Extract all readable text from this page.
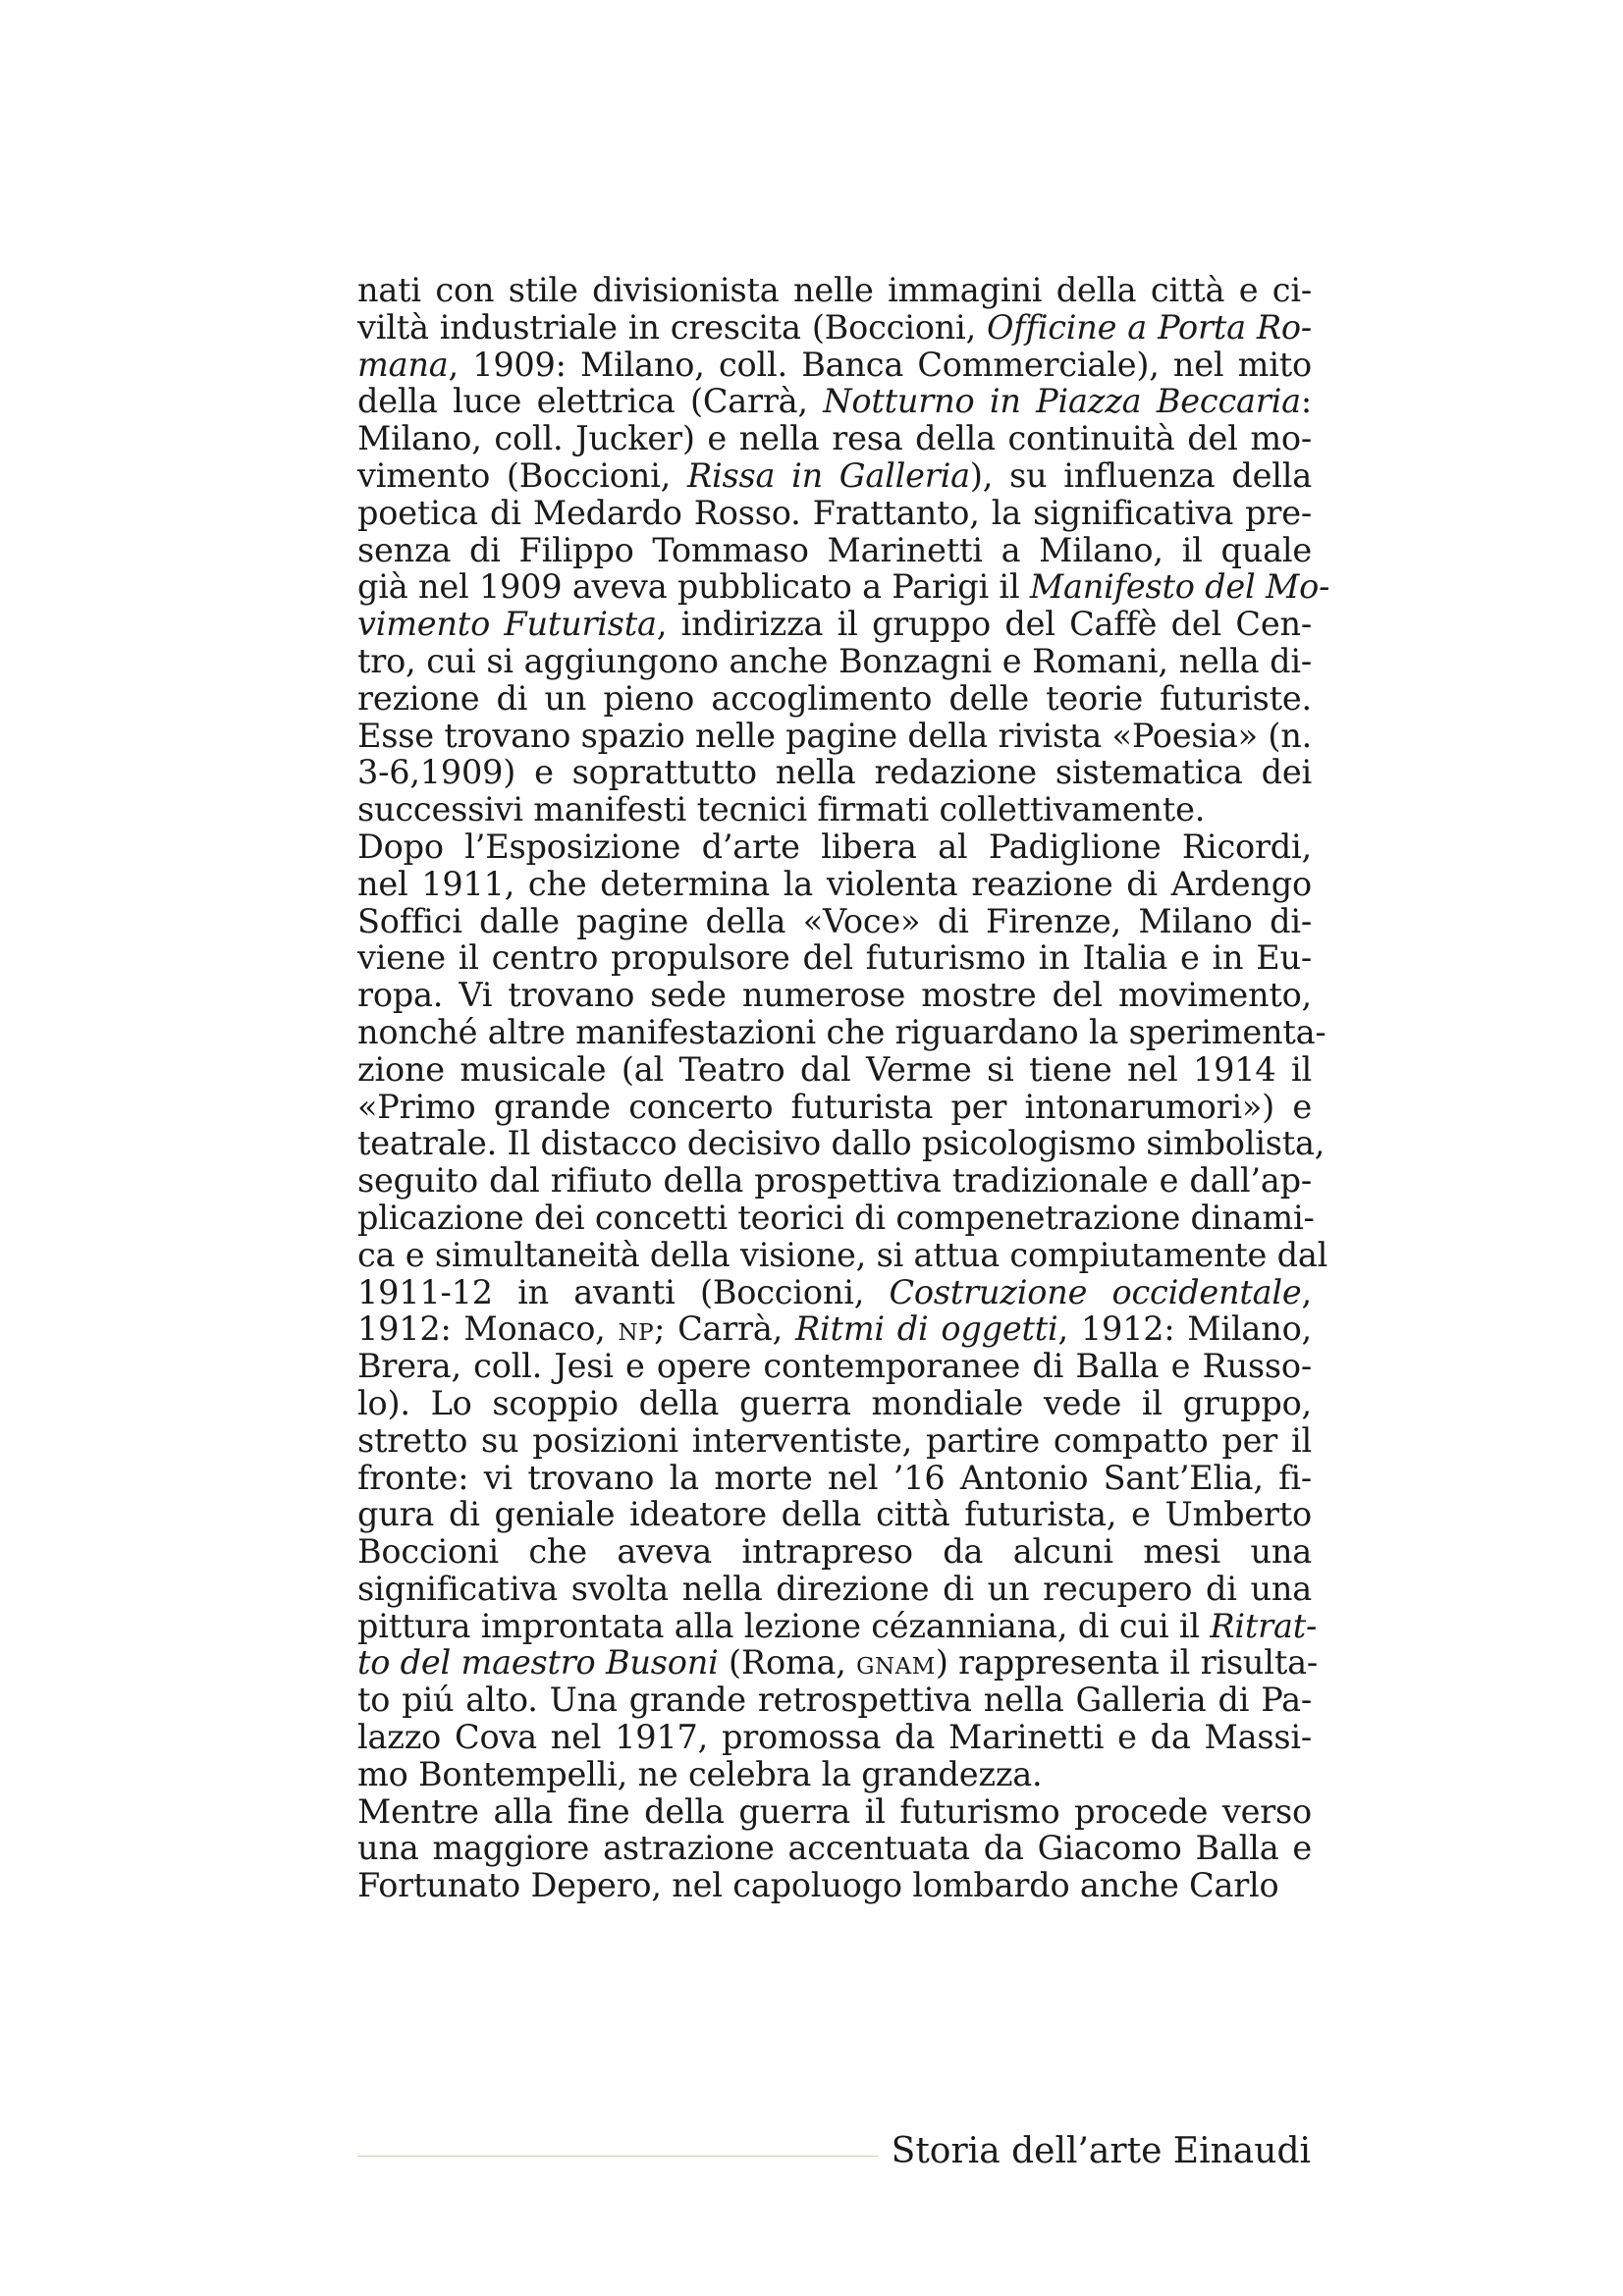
nati con stile divisionista nelle immagini della città e ci-
viltà industriale in crescita (Boccioni, Officine a Porta Ro-
mana, 1909: Milano, coll. Banca Commerciale), nel mito
della luce elettrica (Carrà, Notturno in Piazza Beccaria:
Milano, coll. Jucker) e nella resa della continuità del mo-
vimento (Boccioni, Rissa in Galleria), su influenza della
poetica di Medardo Rosso. Frattanto, la significativa pre-
senza di Filippo Tommaso Marinetti a Milano, il quale
già nel 1909 aveva pubblicato a Parigi il Manifesto del Mo-
vimento Futurista, indirizza il gruppo del Caffè del Cen-
tro, cui si aggiungono anche Bonzagni e Romani, nella di-
rezione di un pieno accoglimento delle teorie futuriste.
Esse trovano spazio nelle pagine della rivista «Poesia» (n.
3-6,1909) e soprattutto nella redazione sistematica dei
successivi manifesti tecnici firmati collettivamente.
Dopo l’Esposizione d’arte libera al Padiglione Ricordi,
nel 1911, che determina la violenta reazione di Ardengo
Soffici dalle pagine della «Voce» di Firenze, Milano di-
viene il centro propulsore del futurismo in Italia e in Eu-
ropa. Vi trovano sede numerose mostre del movimento,
nonché altre manifestazioni che riguardano la sperimenta-
zione musicale (al Teatro dal Verme si tiene nel 1914 il
«Primo grande concerto futurista per intonarumori») e
teatrale. Il distacco decisivo dallo psicologismo simbolista,
seguito dal rifiuto della prospettiva tradizionale e dall’ap-
plicazione dei concetti teorici di compenetrazione dinami-
ca e simultaneità della visione, si attua compiutamente dal
1911-12 in avanti (Boccioni, Costruzione occidentale,
1912: Monaco, np; Carrà, Ritmi di oggetti, 1912: Milano,
Brera, coll. Jesi e opere contemporanee di Balla e Russo-
lo). Lo scoppio della guerra mondiale vede il gruppo,
stretto su posizioni interventiste, partire compatto per il
fronte: vi trovano la morte nel ’16 Antonio Sant’Elia, fi-
gura di geniale ideatore della città futurista, e Umberto
Boccioni che aveva intrapreso da alcuni mesi una
significativa svolta nella direzione di un recupero di una
pittura improntata alla lezione cézanniana, di cui il Ritrat-
to del maestro Busoni (Roma, gnam) rappresenta il risulta-
to piú alto. Una grande retrospettiva nella Galleria di Pa-
lazzo Cova nel 1917, promossa da Marinetti e da Massi-
mo Bontempelli, ne celebra la grandezza.
Mentre alla fine della guerra il futurismo procede verso
una maggiore astrazione accentuata da Giacomo Balla e
Fortunato Depero, nel capoluogo lombardo anche Carlo
Storia dell’arte Einaudi
